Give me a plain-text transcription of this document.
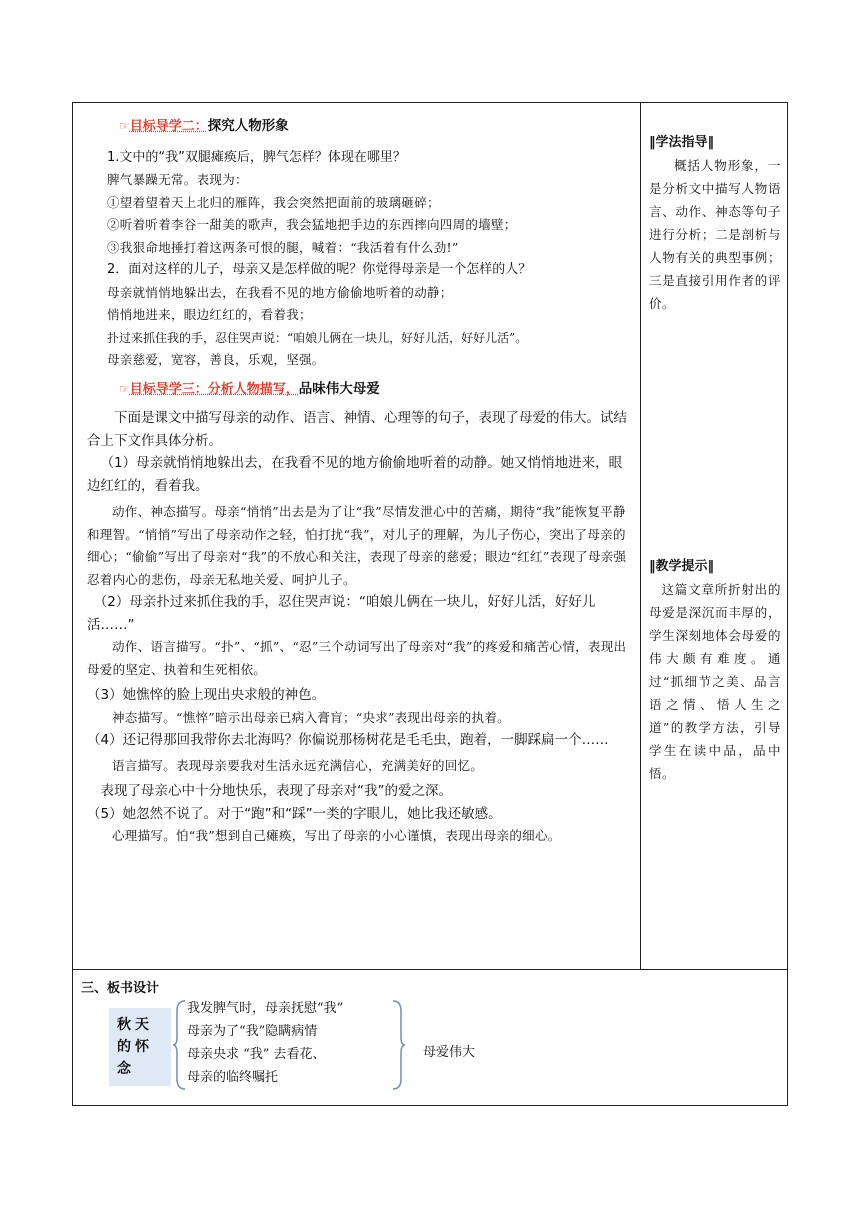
☞目标导学二：探究人物形象
1.文中的“我”双腿瘫痪后，脾气怎样？体现在哪里？
脾气暴躁无常。表现为：
①望着望着天上北归的雁阵，我会突然把面前的玻璃砸碎；
②听着听着李谷一甜美的歌声，我会猛地把手边的东西摔向四周的墙壁；
③我狠命地捶打着这两条可恨的腿，喊着：“我活着有什么劲!”
2．面对这样的儿子，母亲又是怎样做的呢？你觉得母亲是一个怎样的人？
母亲就悄悄地躲出去，在我看不见的地方偷偷地听着的动静；
悄悄地进来，眼边红红的，看着我；
扑过来抓住我的手，忍住哭声说：“咱娘儿俩在一块儿，好好儿活，好好儿活”。
母亲慈爱，宽容，善良，乐观，坚强。
☞目标导学三：分析人物描写，品味伟大母爱
下面是课文中描写母亲的动作、语言、神情、心理等的句子，表现了母爱的伟大。试结合上下文作具体分析。
（1）母亲就悄悄地躲出去，在我看不见的地方偷偷地听着的动静。她又悄悄地进来，眼边红红的，看着我。
动作、神态描写。母亲“悄悄”出去是为了让“我”尽情发泄心中的苦痛，期待“我”能恢复平静和理智。“悄悄”写出了母亲动作之轻，怕打扰“我”，对儿子的理解，为儿子伤心，突出了母亲的细心；“偷偷”写出了母亲对“我”的不放心和关注，表现了母亲的慈爱；眼边“红红”表现了母亲强忍着内心的悲伤，母亲无私地关爱、呵护儿子。
（2）母亲扑过来抓住我的手，忍住哭声说：“咱娘儿俩在一块儿，好好儿活，好好儿活……”
动作、语言描写。“扑”、“抓”、“忍”三个动词写出了母亲对“我”的疼爱和痛苦心情，表现出母爱的坚定、执着和生死相依。
（3）她憔悴的脸上现出央求般的神色。
神态描写。“憔悴”暗示出母亲已病入膏肓；“央求”表现出母亲的执着。
（4）还记得那回我带你去北海吗？你偏说那杨树花是毛毛虫，跑着，一脚踩扁一个……
语言描写。表现母亲要我对生活永远充满信心，充满美好的回忆。
表现了母亲心中十分地快乐，表现了母亲对“我”的爱之深。
（5）她忽然不说了。对于“跑”和“踩”一类的字眼儿，她比我还敏感。
心理描写。怕“我”想到自己瘫痪，写出了母亲的小心谨慎，表现出母亲的细心。
‖学法指导‖
概括人物形象，一是分析文中描写人物语言、动作、神态等句子进行分析；二是剖析与人物有关的典型事例；三是直接引用作者的评价。
‖教学提示‖
这篇文章所折射出的母爱是深沉而丰厚的，学生深刻地体会母爱的伟大颇有难度。通过“抓细节之美、品言语之情、悟人生之道”的教学方法，引导学生在读中品，品中悟。
三、板书设计
秋天
的怀
念
我发脾气时，母亲抚慰“我”
母亲为了“我”隐瞒病情
母亲央求 “我” 去看花、
母亲的临终嘱托
母爱伟大
